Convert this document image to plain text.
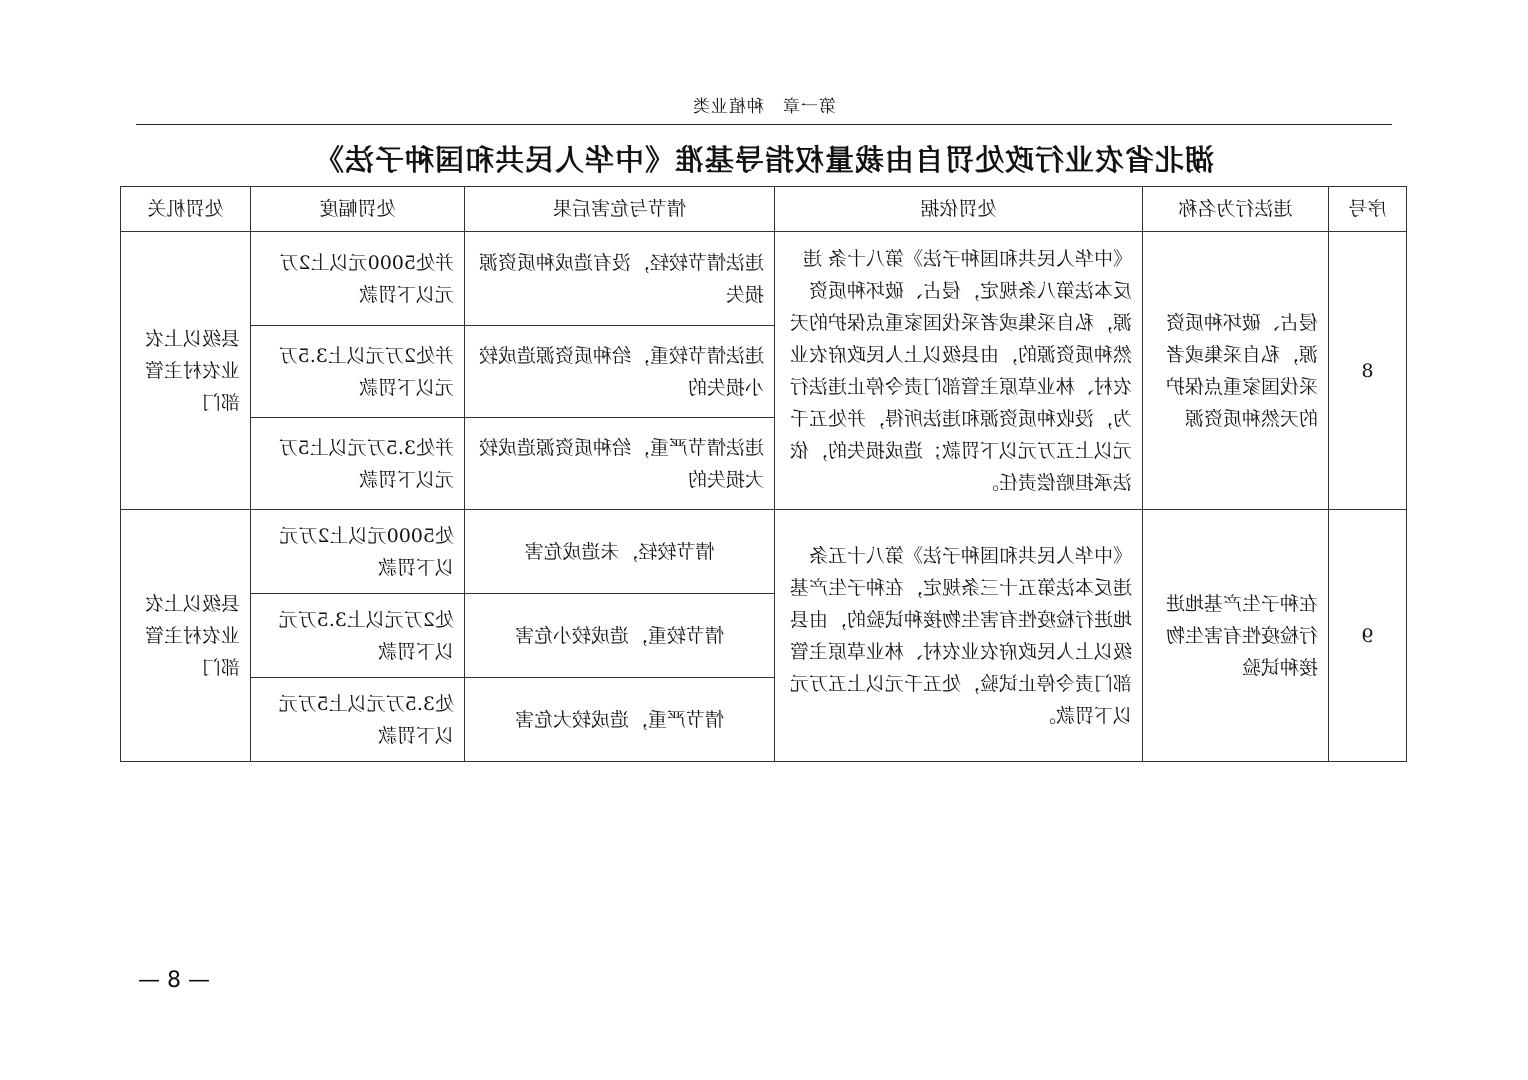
第一章　种植业类
湖北省农业行政处罚自由裁量权指导基准《中华人民共和国种子法》
序号	违法行为名称	处罚依据	情节与危害后果	处罚幅度	处罚机关
8	侵占、破坏种质资源，私自采集或者采伐国家重点保护的天然种质资源	《中华人民共和国种子法》第八十条 违反本法第八条规定，侵占、破坏种质资源，私自采集或者采伐国家重点保护的天然种质资源的，由县级以上人民政府农业农村、林业草原主管部门责令停止违法行为，没收种质资源和违法所得，并处五千元以上五万元以下罚款；造成损失的，依法承担赔偿责任。	违法情节较轻，没有造成种质资源损失	并处5000元以上2万元以下罚款	县级以上农业农村主管部门
			违法情节较重，给种质资源造成较小损失的	并处2万元以上3.5万元以下罚款	
			违法情节严重，给种质资源造成较大损失的	并处3.5万元以上5万元以下罚款	
9	在种子生产基地进行检疫性有害生物接种试验	《中华人民共和国种子法》第八十五条 违反本法第五十三条规定，在种子生产基地进行检疫性有害生物接种试验的，由县级以上人民政府农业农村、林业草原主管部门责令停止试验，处五千元以上五万元以下罚款。	情节较轻，未造成危害	处5000元以上2万元以下罚款	县级以上农业农村主管部门
			情节较重，造成较小危害	处2万元以上3.5万元以下罚款	
			情节严重，造成较大危害	处3.5万元以上5万元以下罚款	
— 8 —
